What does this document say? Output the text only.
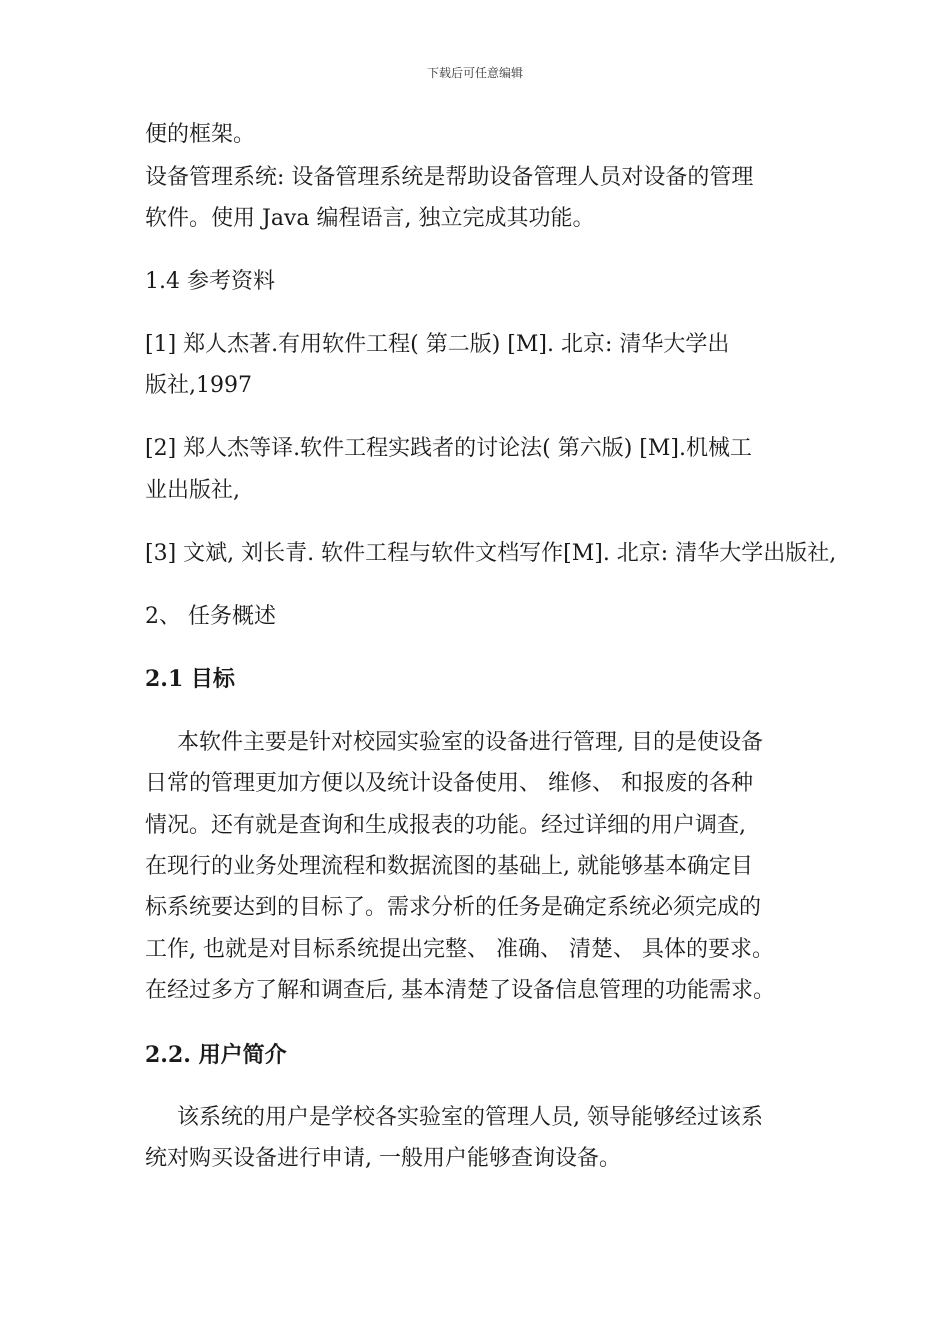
下载后可任意编辑
便的框架。
设备管理系统: 设备管理系统是帮助设备管理人员对设备的管理
软件。使用 Java 编程语言, 独立完成其功能。
1.4 参考资料
[1] 郑人杰著.有用软件工程( 第二版) [M]. 北京: 清华大学出
版社,1997
[2] 郑人杰等译.软件工程实践者的讨论法( 第六版) [M].机械工
业出版社,
[3] 文斌, 刘长青. 软件工程与软件文档写作[M]. 北京: 清华大学出版社,
2、 任务概述
2.1 目标
本软件主要是针对校园实验室的设备进行管理, 目的是使设备
日常的管理更加方便以及统计设备使用、 维修、 和报废的各种
情况。还有就是查询和生成报表的功能。经过详细的用户调查,
在现行的业务处理流程和数据流图的基础上, 就能够基本确定目
标系统要达到的目标了。需求分析的任务是确定系统必须完成的
工作, 也就是对目标系统提出完整、 准确、 清楚、 具体的要求。
在经过多方了解和调查后, 基本清楚了设备信息管理的功能需求。
2.2. 用户简介
该系统的用户是学校各实验室的管理人员, 领导能够经过该系
统对购买设备进行申请, 一般用户能够查询设备。
